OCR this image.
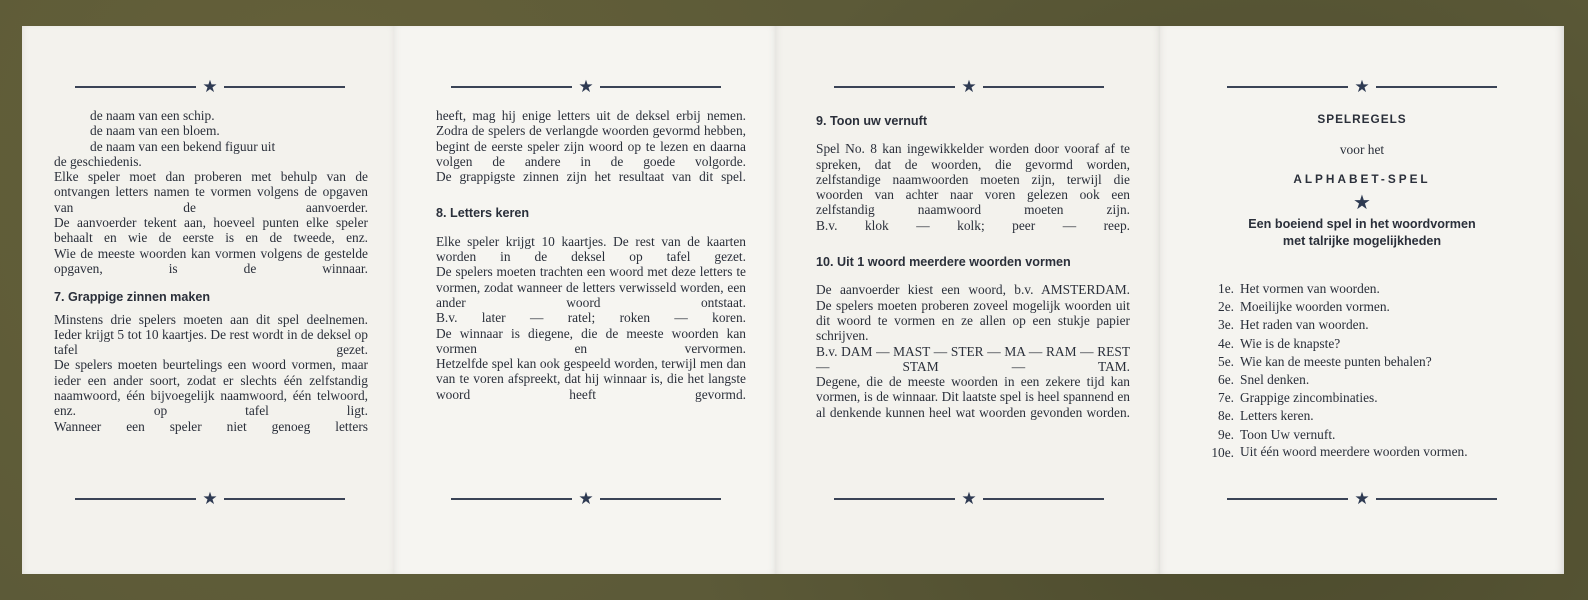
★
de naam van een schip.
de naam van een bloem.
de naam van een bekend figuur uit
de geschiedenis.
Elke speler moet dan proberen met behulp van de ontvangen letters namen te vormen volgens de opgaven van de aanvoerder.
De aanvoerder tekent aan, hoeveel punten elke speler behaalt en wie de eerste is en de tweede, enz.
Wie de meeste woorden kan vormen volgens de gestelde opgaven, is de winnaar.
7. Grappige zinnen maken
Minstens drie spelers moeten aan dit spel deelnemen.
Ieder krijgt 5 tot 10 kaartjes. De rest wordt in de deksel op tafel gezet.
De spelers moeten beurtelings een woord vormen, maar ieder een ander soort, zodat er slechts één zelfstandig naamwoord, één bijvoegelijk naamwoord, één telwoord, enz. op tafel ligt.
Wanneer een speler niet genoeg letters
★
★
heeft, mag hij enige letters uit de deksel erbij nemen.
Zodra de spelers de verlangde woorden gevormd hebben, begint de eerste speler zijn woord op te lezen en daarna volgen de andere in de goede volgorde.
De grappigste zinnen zijn het resultaat van dit spel.
8. Letters keren
Elke speler krijgt 10 kaartjes. De rest van de kaarten worden in de deksel op tafel gezet.
De spelers moeten trachten een woord met deze letters te vormen, zodat wanneer de letters verwisseld worden, een ander woord ontstaat.
B.v. later — ratel; roken — koren.
De winnaar is diegene, die de meeste woorden kan vormen en vervormen.
Hetzelfde spel kan ook gespeeld worden, terwijl men dan van te voren afspreekt, dat hij winnaar is, die het langste woord heeft gevormd.
★
★
9. Toon uw vernuft
Spel No. 8 kan ingewikkelder worden door vooraf af te spreken, dat de woorden, die gevormd worden, zelfstandige naamwoorden moeten zijn, terwijl die woorden van achter naar voren gelezen ook een zelfstandig naamwoord moeten zijn.
B.v. klok — kolk; peer — reep.
10. Uit 1 woord meerdere woorden vormen
De aanvoerder kiest een woord, b.v. AMSTERDAM.
De spelers moeten proberen zoveel mogelijk woorden uit dit woord te vormen en ze allen op een stukje papier schrijven.
B.v. DAM — MAST — STER — MA — RAM — REST — STAM — TAM.
Degene, die de meeste woorden in een zekere tijd kan vormen, is de winnaar. Dit laatste spel is heel spannend en al denkende kunnen heel wat woorden gevonden worden.
★
★
SPELREGELS
voor het
ALPHABET-SPEL
★
Een boeiend spel in het woordvormen
met talrijke mogelijkheden
1e. Het vormen van woorden.
2e. Moeilijke woorden vormen.
3e. Het raden van woorden.
4e. Wie is de knapste?
5e. Wie kan de meeste punten behalen?
6e. Snel denken.
7e. Grappige zincombinaties.
8e. Letters keren.
9e. Toon Uw vernuft.
10e. Uit één woord meerdere woorden vormen.
★
